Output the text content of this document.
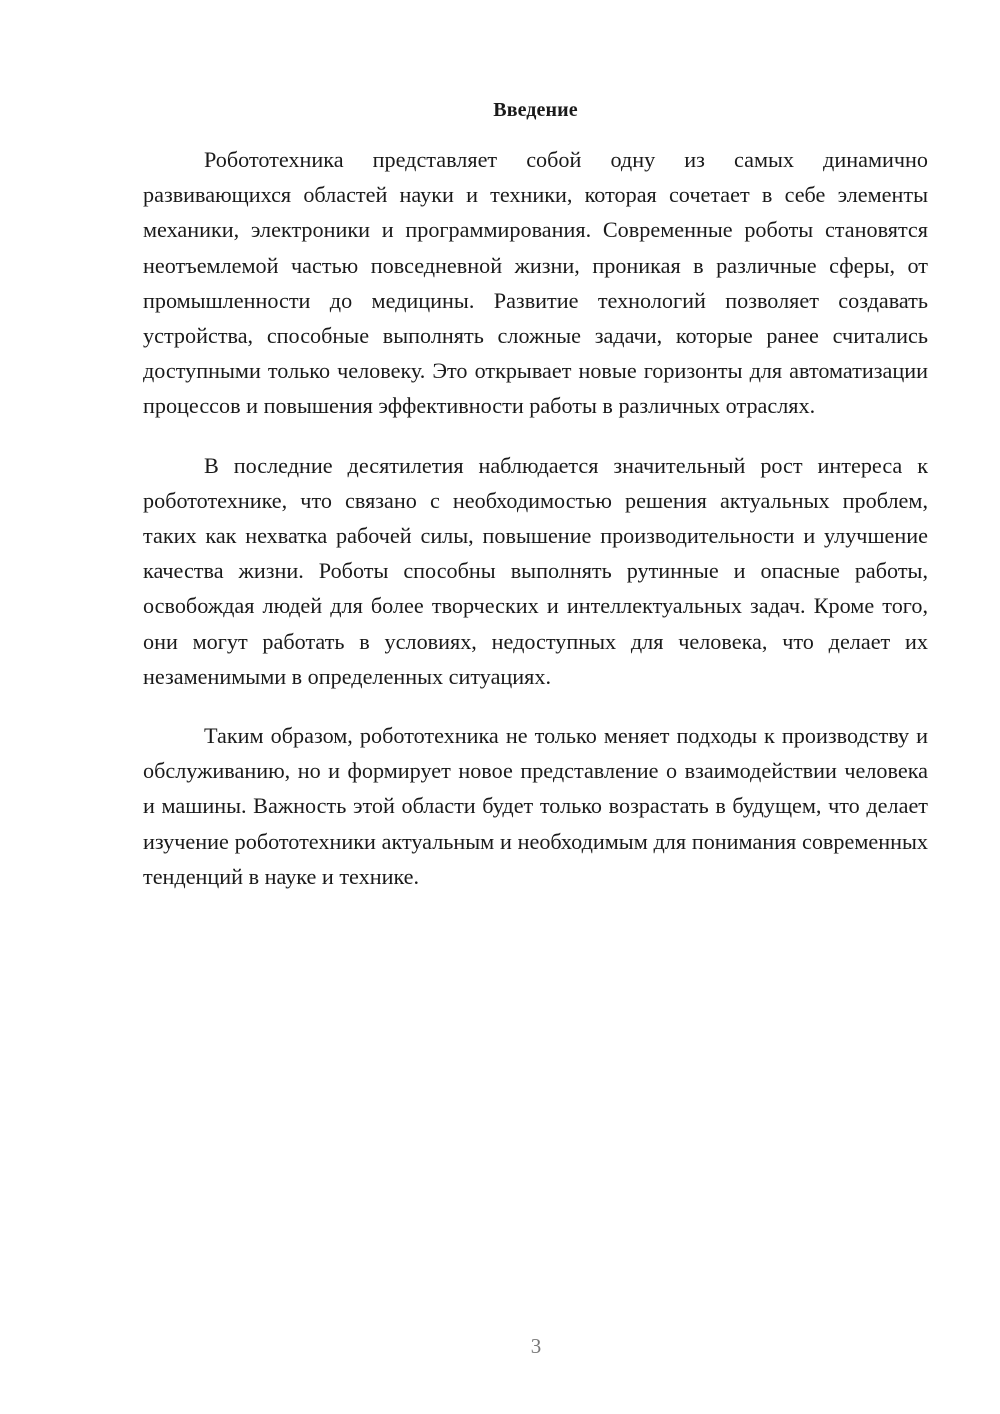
Введение

Робототехника представляет собой одну из самых динамично развивающихся областей науки и техники, которая сочетает в себе элементы механики, электроники и программирования. Современные роботы становятся неотъемлемой частью повседневной жизни, проникая в различные сферы, от промышленности до медицины. Развитие технологий позволяет создавать устройства, способные выполнять сложные задачи, которые ранее считались доступными только человеку. Это открывает новые горизонты для автоматизации процессов и повышения эффективности работы в различных отраслях.

В последние десятилетия наблюдается значительный рост интереса к робототехнике, что связано с необходимостью решения актуальных проблем, таких как нехватка рабочей силы, повышение производительности и улучшение качества жизни. Роботы способны выполнять рутинные и опасные работы, освобождая людей для более творческих и интеллектуальных задач. Кроме того, они могут работать в условиях, недоступных для человека, что делает их незаменимыми в определенных ситуациях.

Таким образом, робототехника не только меняет подходы к производству и обслуживанию, но и формирует новое представление о взаимодействии человека и машины. Важность этой области будет только возрастать в будущем, что делает изучение робототехники актуальным и необходимым для понимания современных тенденций в науке и технике.

3
